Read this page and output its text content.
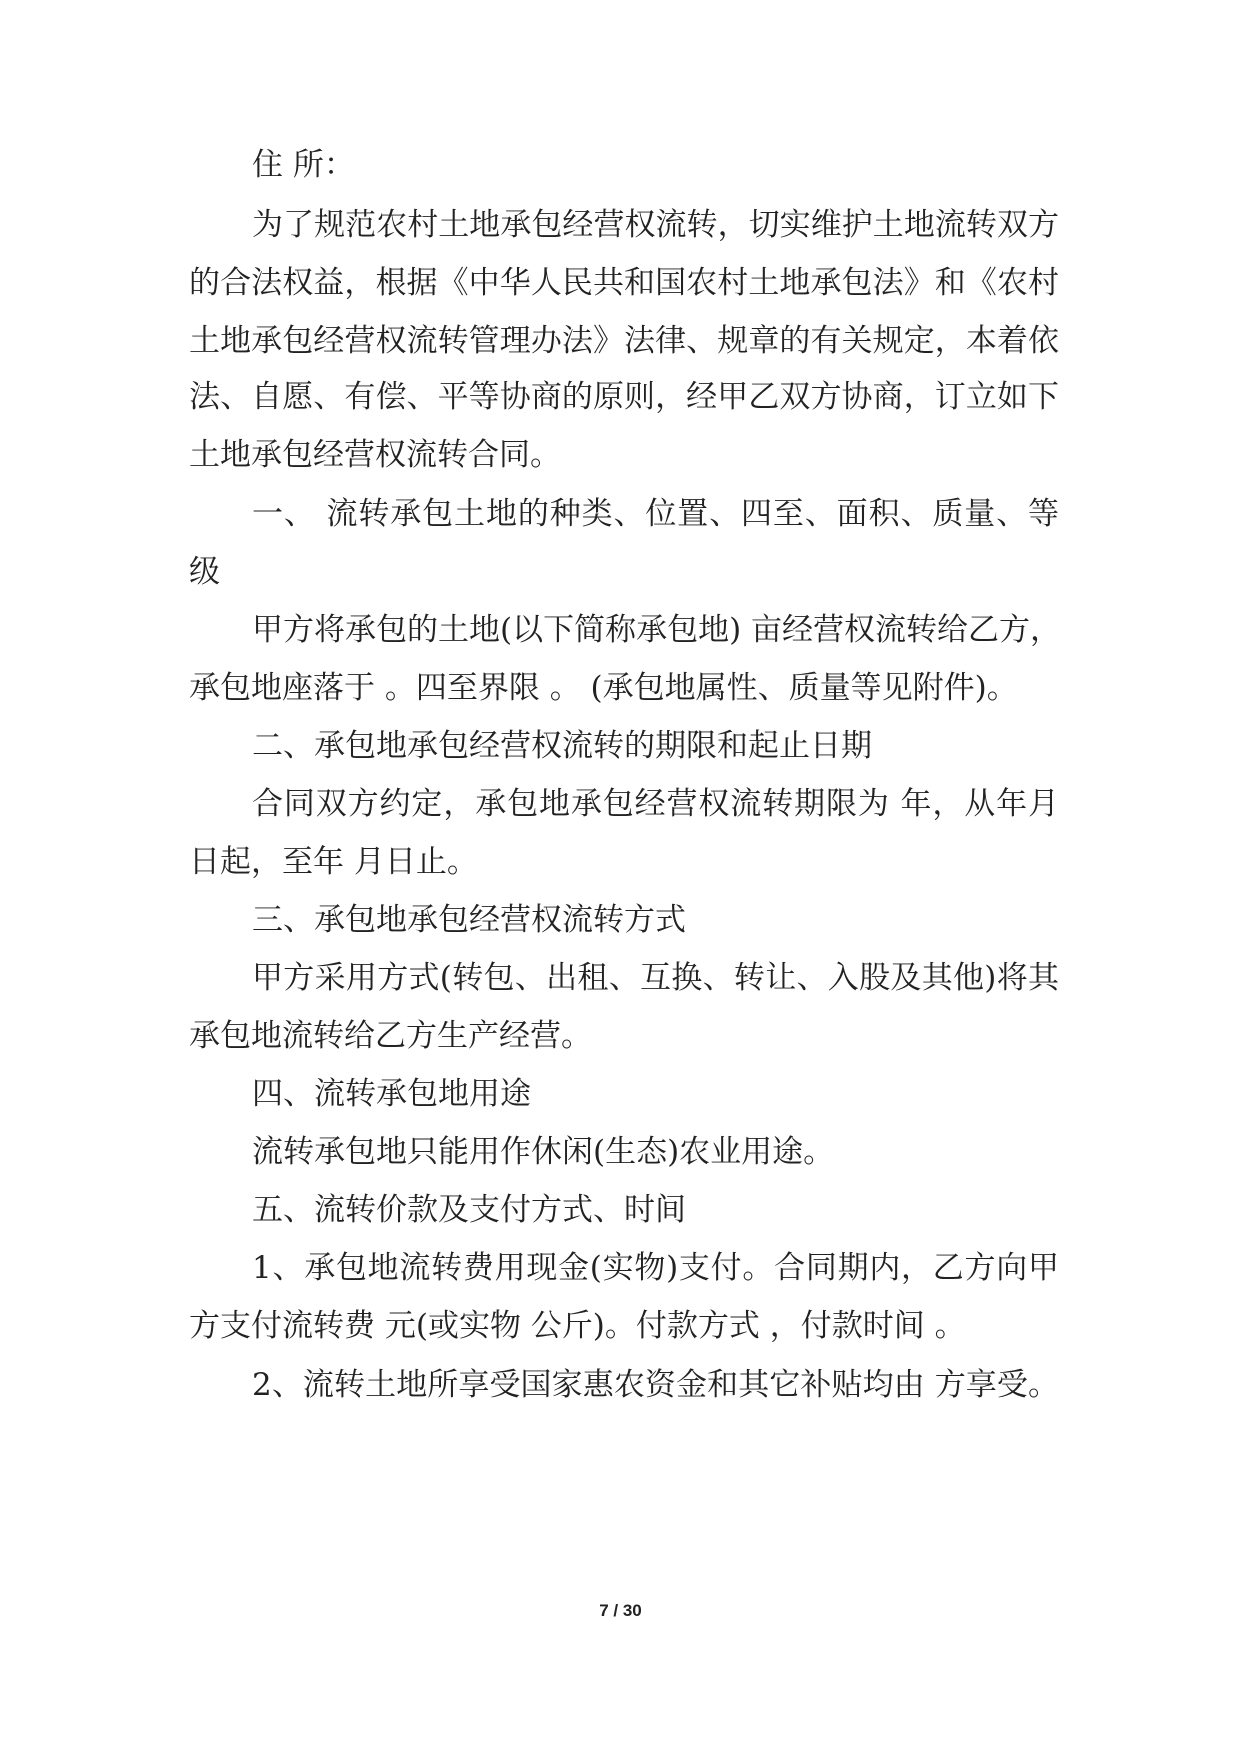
住 所：
为了规范农村土地承包经营权流转，切实维护土地流转双方
的合法权益，根据《中华人民共和国农村土地承包法》和《农村
土地承包经营权流转管理办法》法律、规章的有关规定，本着依
法、自愿、有偿、平等协商的原则，经甲乙双方协商，订立如下
土地承包经营权流转合同。
一、 流转承包土地的种类、位置、四至、面积、质量、等
级
甲方将承包的土地(以下简称承包地) 亩经营权流转给乙方，
承包地座落于 。四至界限 。 (承包地属性、质量等见附件)。
二、承包地承包经营权流转的期限和起止日期
合同双方约定，承包地承包经营权流转期限为 年，从年月
日起，至年 月日止。
三、承包地承包经营权流转方式
甲方采用方式(转包、出租、互换、转让、入股及其他)将其
承包地流转给乙方生产经营。
四、流转承包地用途
流转承包地只能用作休闲(生态)农业用途。
五、流转价款及支付方式、时间
1、承包地流转费用现金(实物)支付。合同期内，乙方向甲
方支付流转费 元(或实物 公斤)。付款方式 ，付款时间 。
2、流转土地所享受国家惠农资金和其它补贴均由 方享受。
7 / 30
